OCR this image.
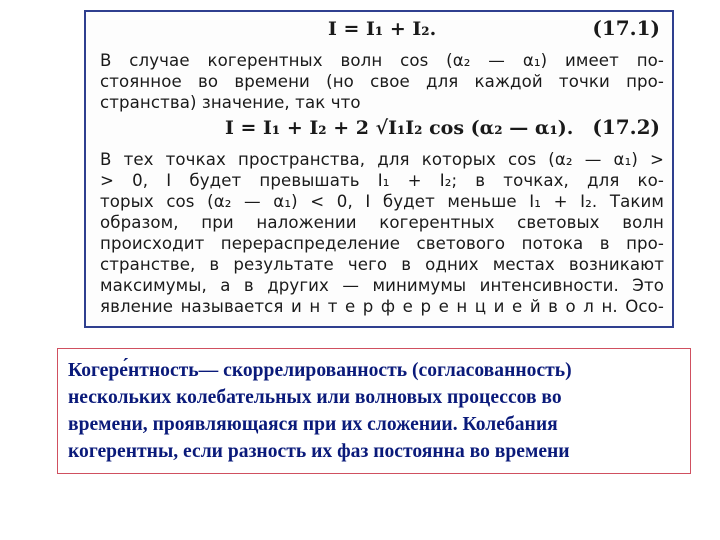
I = I₁ + I₂.	(17.1)
В случае когерентных волн cos (α₂ — α₁) имеет по-
стоянное во времени (но свое для каждой точки про-
странства) значение, так что
I = I₁ + I₂ + 2 √I₁I₂ cos (α₂ — α₁). (17.2)
В тех точках пространства, для которых cos (α₂ — α₁) >
> 0, I будет превышать I₁ + I₂; в точках, для ко-
торых cos (α₂ — α₁) < 0, I будет меньше I₁ + I₂. Таким
образом, при наложении когерентных световых волн
происходит перераспределение светового потока в про-
странстве, в результате чего в одних местах возникают
максимумы, а в других — минимумы интенсивности. Это
явление называется и н т е р ф е р е н ц и е й в о л н. Осо-
Когере́нтность— скоррелированность (согласованность)
нескольких колебательных или волновых процессов во
времени, проявляющаяся при их сложении. Колебания
когерентны, если разность их фаз постоянна во времени
